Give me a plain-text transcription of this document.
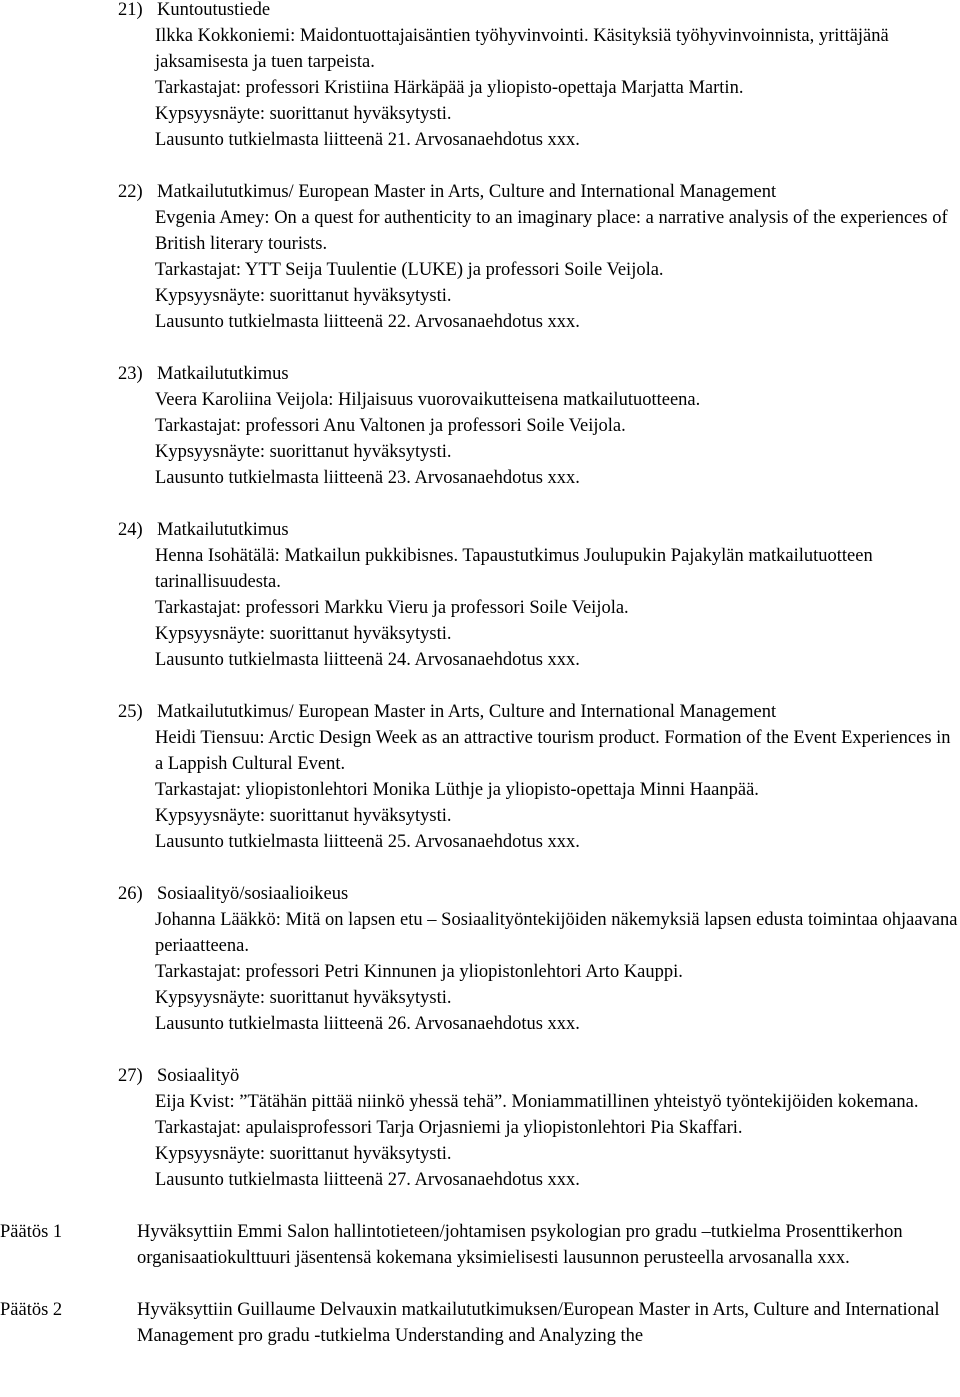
21) Kuntoutustiede
Ilkka Kokkoniemi: Maidontuottajaisäntien työhyvinvointi. Käsityksiä työhyvinvoinnista, yrittäjänä jaksamisesta ja tuen tarpeista.
Tarkastajat: professori Kristiina Härkäpää ja yliopisto-opettaja Marjatta Martin.
Kypsyysnäyte: suorittanut hyväksytysti.
Lausunto tutkielmasta liitteenä 21. Arvosanaehdotus xxx.
22) Matkailututkimus/ European Master in Arts, Culture and International Management
Evgenia Amey: On a quest for authenticity to an imaginary place: a narrative analysis of the experiences of British literary tourists.
Tarkastajat: YTT Seija Tuulentie (LUKE) ja professori Soile Veijola.
Kypsyysnäyte: suorittanut hyväksytysti.
Lausunto tutkielmasta liitteenä 22. Arvosanaehdotus xxx.
23) Matkailututkimus
Veera Karoliina Veijola: Hiljaisuus vuorovaikutteisena matkailutuotteena.
Tarkastajat: professori Anu Valtonen ja professori Soile Veijola.
Kypsyysnäyte: suorittanut hyväksytysti.
Lausunto tutkielmasta liitteenä 23. Arvosanaehdotus xxx.
24) Matkailututkimus
Henna Isohätälä: Matkailun pukkibisnes. Tapaustutkimus Joulupukin Pajakylän matkailutuotteen tarinallisuudesta.
Tarkastajat: professori Markku Vieru ja professori Soile Veijola.
Kypsyysnäyte: suorittanut hyväksytysti.
Lausunto tutkielmasta liitteenä 24. Arvosanaehdotus xxx.
25) Matkailututkimus/ European Master in Arts, Culture and International Management
Heidi Tiensuu: Arctic Design Week as an attractive tourism product. Formation of the Event Experiences in a Lappish Cultural Event.
Tarkastajat: yliopistonlehtori Monika Lüthje ja yliopisto-opettaja Minni Haanpää.
Kypsyysnäyte: suorittanut hyväksytysti.
Lausunto tutkielmasta liitteenä 25. Arvosanaehdotus xxx.
26) Sosiaalityö/sosiaalioikeus
Johanna Lääkkö: Mitä on lapsen etu – Sosiaalityöntekijöiden näkemyksiä lapsen edusta toimintaa ohjaavana periaatteena.
Tarkastajat: professori Petri Kinnunen ja yliopistonlehtori Arto Kauppi.
Kypsyysnäyte: suorittanut hyväksytysti.
Lausunto tutkielmasta liitteenä 26. Arvosanaehdotus xxx.
27) Sosiaalityö
Eija Kvist: ”Tätähän pittää niinkö yhessä tehä”. Moniammatillinen yhteistyö työntekijöiden kokemana.
Tarkastajat: apulaisprofessori Tarja Orjasniemi ja yliopistonlehtori Pia Skaffari.
Kypsyysnäyte: suorittanut hyväksytysti.
Lausunto tutkielmasta liitteenä 27. Arvosanaehdotus xxx.
Päätös 1	Hyväksyttiin Emmi Salon hallintotieteen/johtamisen psykologian pro gradu –tutkielma Prosenttikerhon organisaatiokulttuuri jäsentensä kokemana yksimielisesti lausunnon perusteella arvosanalla xxx.
Päätös 2	Hyväksyttiin Guillaume Delvauxin matkailututkimuksen/European Master in Arts, Culture and International Management pro gradu -tutkielma Understanding and Analyzing the
